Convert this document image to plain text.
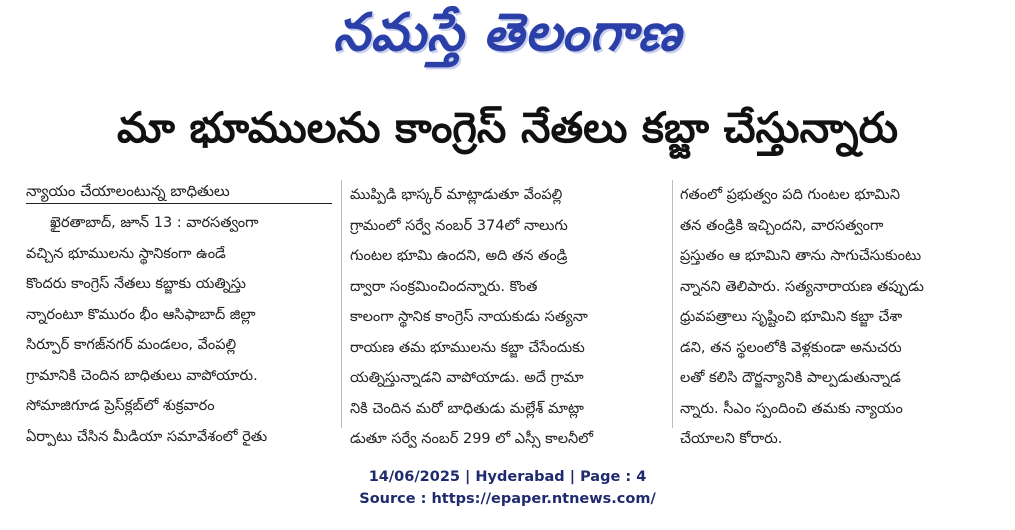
నమస్తే తెలంగాణ
మా భూములను కాంగ్రెస్ నేతలు కబ్జా చేస్తున్నారు
న్యాయం చేయాలంటున్న బాధితులు
ఖైరతాబాద్, జూన్ 13 : వారసత్వంగా
వచ్చిన భూములను స్థానికంగా ఉండే
కొందరు కాంగ్రెస్ నేతలు కబ్జాకు యత్నిస్తు
న్నారంటూ కొమురం భీం ఆసిఫాబాద్ జిల్లా
సిర్పూర్ కాగజ్‌నగర్ మండలం, వేంపల్లి
గ్రామానికి చెందిన బాధితులు వాపోయారు.
సోమాజిగూడ ప్రెస్‌క్లబ్‌లో శుక్రవారం
ఏర్పాటు చేసిన మీడియా సమావేశంలో రైతు
ముప్పిడి భాస్కర్ మాట్లాడుతూ వేంపల్లి
గ్రామంలో సర్వే నంబర్ 374లో నాలుగు
గుంటల భూమి ఉందని, అది తన తండ్రి
ద్వారా సంక్రమించిందన్నారు. కొంత
కాలంగా స్థానిక కాంగ్రెస్ నాయకుడు సత్యనా
రాయణ తమ భూములను కబ్జా చేసేందుకు
యత్నిస్తున్నాడని వాపోయాడు. అదే గ్రామా
నికి చెందిన మరో బాధితుడు మల్లేశ్ మాట్లా
డుతూ సర్వే నంబర్ 299 లో ఎస్సీ కాలనీలో
గతంలో ప్రభుత్వం పది గుంటల భూమిని
తన తండ్రికి ఇచ్చిందని, వారసత్వంగా
ప్రస్తుతం ఆ భూమిని తాను సాగుచేసుకుంటు
న్నానని తెలిపారు. సత్యనారాయణ తప్పుడు
ధ్రువపత్రాలు సృష్టించి భూమిని కబ్జా చేశా
డని, తన స్థలంలోకి వెళ్లకుండా అనుచరు
లతో కలిసి దౌర్జన్యానికి పాల్పడుతున్నాడ
న్నారు. సీఎం స్పందించి తమకు న్యాయం
చేయాలని కోరారు.
14/06/2025 | Hyderabad | Page : 4
Source : https://epaper.ntnews.com/
